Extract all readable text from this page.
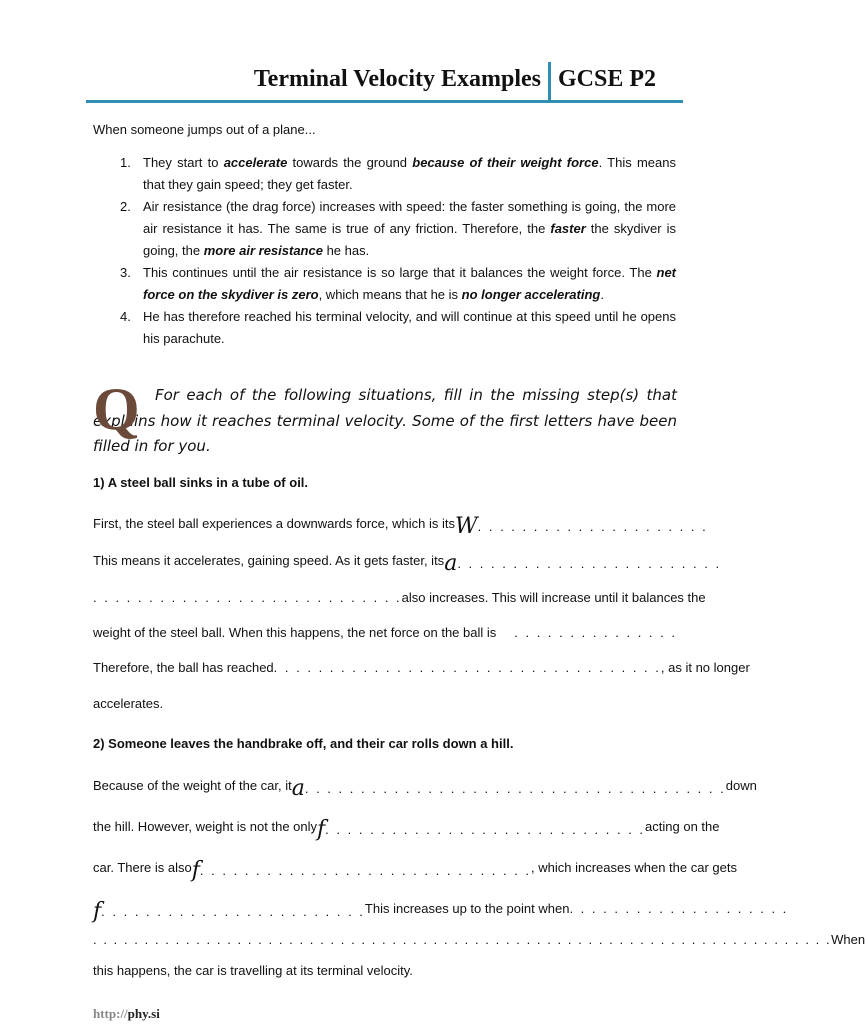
Terminal Velocity Examples GCSE P2
When someone jumps out of a plane...
1. They start to accelerate towards the ground because of their weight force. This means that they gain speed; they get faster.
2. Air resistance (the drag force) increases with speed: the faster something is going, the more air resistance it has. The same is true of any friction. Therefore, the faster the skydiver is going, the more air resistance he has.
3. This continues until the air resistance is so large that it balances the weight force. The net force on the skydiver is zero, which means that he is no longer accelerating.
4. He has therefore reached his terminal velocity, and will continue at this speed until he opens his parachute.
Q	For each of the following situations, fill in the missing step(s) that explains how it reaches terminal velocity. Some of the first letters have been filled in for you.
1) A steel ball sinks in a tube of oil.
First, the steel ball experiences a downwards force, which is its W. . . . . . . . . . . . . . . . . . . . .
This means it accelerates, gaining speed. As it gets faster, its a. . . . . . . . . . . . . . . . . . . . . . . .
. . . . . . . . . . . . . . . . . . . . . . . . . . . . also increases. This will increase until it balances the
weight of the steel ball. When this happens, the net force on the ball is . . . . . . . . . . . . . . .
Therefore, the ball has reached . . . . . . . . . . . . . . . . . . . . . . . . . . . . . . . . . . ., as it no longer
accelerates.
2) Someone leaves the handbrake off, and their car rolls down a hill.
Because of the weight of the car, it a. . . . . . . . . . . . . . . . . . . . . . . . . . . . . . . . . . . . . . down
the hill. However, weight is not the only f. . . . . . . . . . . . . . . . . . . . . . . . . . . . . acting on the
car. There is also f. . . . . . . . . . . . . . . . . . . . . . . . . . . . . . , which increases when the car gets
f. . . . . . . . . . . . . . . . . . . . . . . . This increases up to the point when . . . . . . . . . . . . . . . . . . . .
. . . . . . . . . . . . . . . . . . . . . . . . . . . . . . . . . . . . . . . . . . . . . . . . . . . . . . . . . . . . . . . . . . . . . . . . When
this happens, the car is travelling at its terminal velocity.
http://phy.si
